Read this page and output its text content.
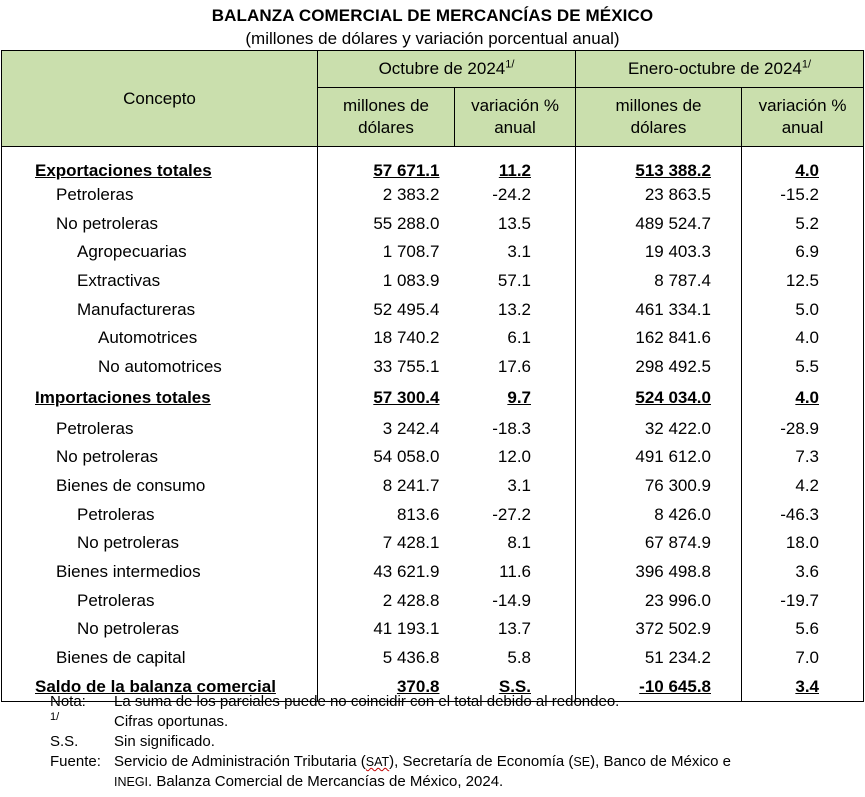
BALANZA COMERCIAL DE MERCANCÍAS DE MÉXICO
(millones de dólares y variación porcentual anual)
Concepto	Octubre de $2024^{1/}$		Enero-octubre de $2024^{1/}$
	millones de dólares	variación % anual	millones de dólares	variación % anual
Exportaciones totales	57 671.1	11.2	513 388.2	4.0
Petroleras	2 383.2	-24.2	23 863.5	-15.2
No petroleras	55 288.0	13.5	489 524.7	5.2
Agropecuarias	1 708.7	3.1	19 403.3	6.9
Extractivas	1 083.9	57.1	8 787.4	12.5
Manufactureras	52 495.4	13.2	461 334.1	5.0
Automotrices	18 740.2	6.1	162 841.6	4.0
No automotrices	33 755.1	17.6	298 492.5	5.5
Importaciones totales	57 300.4	9.7	524 034.0	4.0
Petroleras	3 242.4	-18.3	32 422.0	-28.9
No petroleras	54 058.0	12.0	491 612.0	7.3
Bienes de consumo	8 241.7	3.1	76 300.9	4.2
Petroleras	813.6	-27.2	8 426.0	-46.3
No petroleras	7 428.1	8.1	67 874.9	18.0
Bienes intermedios	43 621.9	11.6	396 498.8	3.6
Petroleras	2 428.8	-14.9	23 996.0	-19.7
No petroleras	41 193.1	13.7	372 502.9	5.6
Bienes de capital	5 436.8	5.8	51 234.2	7.0
Saldo de la balanza comercial	370.8	S.S.	-10 645.8	3.4
Nota:	La suma de los parciales puede no coincidir con el total debido al redondeo.
$^{1/}$	Cifras oportunas.
S.S.	Sin significado.
Fuente: Servicio de Administración Tributaria (SAT), Secretaría de Economía (SE), Banco de México e
INEGI. Balanza Comercial de Mercancías de México, 2024.
